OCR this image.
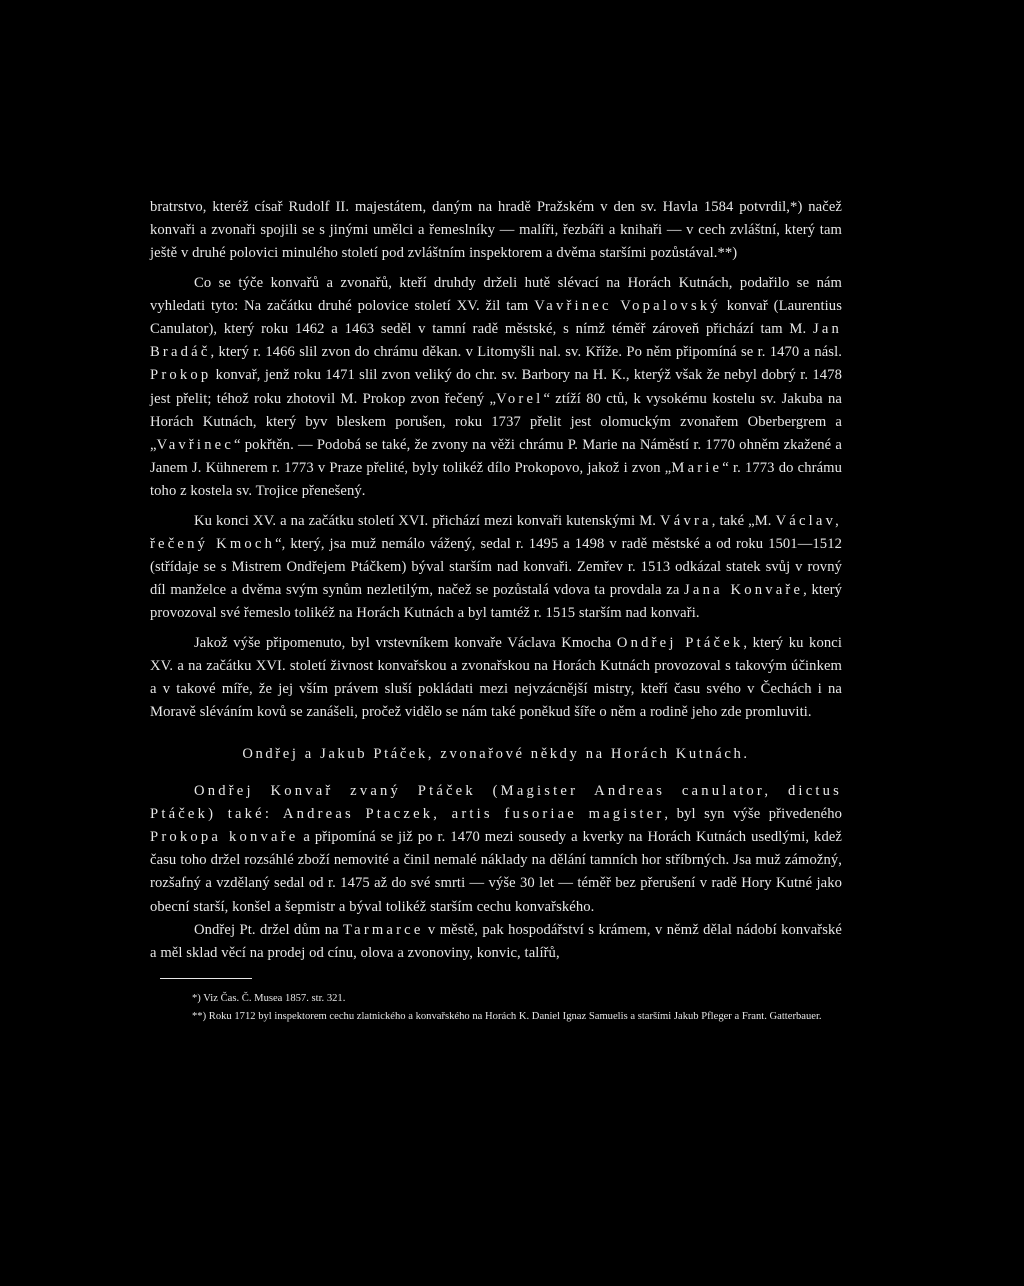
bratrstvo, kteréž císař Rudolf II. majestátem, daným na hradě Pražském v den sv. Havla 1584 potvrdil,*) načež konvaři a zvonaři spojili se s jinými umělci a řemeslníky — malíři, řezbáři a knihaři — v cech zvláštní, který tam ještě v druhé polovici minulého století pod zvláštním inspektorem a dvěma staršími pozůstával.**)

Co se týče konvařů a zvonařů, kteří druhdy drželi hutě slévací na Horách Kutnách, podařilo se nám vyhledati tyto: Na začátku druhé polovice století XV. žil tam Vavřinec Vopalovský konvař (Laurentius Canulator), který roku 1462 a 1463 seděl v tamní radě městské, s nímž téměř zároveň přichází tam M. Jan Bradáč, který r. 1466 slil zvon do chrámu děkan. v Litomyšli nal. sv. Kříže. Po něm připomíná se r. 1470 a násl. Prokop konvař, jenž roku 1471 slil zvon veliký do chr. sv. Barbory na H. K., kterýž však že nebyl dobrý r. 1478 jest přelit; téhož roku zhotovil M. Prokop zvon řečený „Vorel“ ztíží 80 ctů, k vysokému kostelu sv. Jakuba na Horách Kutnách, který byv bleskem porušen, roku 1737 přelit jest olomuckým zvonařem Oberbergrem a „Vavřinec“ pokřtěn. — Podobá se také, že zvony na věži chrámu P. Marie na Náměstí r. 1770 ohněm zkažené a Janem J. Kühnerem r. 1773 v Praze přelité, byly tolikéž dílo Prokopovo, jakož i zvon „Marie“ r. 1773 do chrámu toho z kostela sv. Trojice přenešený.

Ku konci XV. a na začátku století XVI. přichází mezi konvaři kutenskými M. Vávra, také „M. Václav, řečený Kmoch“, který, jsa muž nemálo vážený, sedal r. 1495 a 1498 v radě městské a od roku 1501—1512 (střídaje se s Mistrem Ondřejem Ptáčkem) býval starším nad konvaři. Zemřev r. 1513 odkázal statek svůj v rovný díl manželce a dvěma svým synům nezletilým, načež se pozůstalá vdova ta provdala za Jana Konvaře, který provozoval své řemeslo tolikéž na Horách Kutnách a byl tamtéž r. 1515 starším nad konvaři.

Jakož výše připomenuto, byl vrstevníkem konvaře Václava Kmocha Ondřej Ptáček, který ku konci XV. a na začátku XVI. století živnost konvařskou a zvonařskou na Horách Kutnách provozoval s takovým účinkem a v takové míře, že jej vším právem sluší pokládati mezi nejvzácnější mistry, kteří času svého v Čechách i na Moravě sléváním kovů se zanášeli, pročež vidělo se nám také poněkud šíře o něm a rodině jeho zde promluviti.

Ondřej a Jakub Ptáček, zvonařové někdy na Horách Kutnách.

Ondřej Konvař zvaný Ptáček (Magister Andreas canulator, dictus Ptáček) také: Andreas Ptaczek, artis fusoriae magister, byl syn výše přivedeného Prokopa konvaře a připomíná se již po r. 1470 mezi sousedy a kverky na Horách Kutnách usedlými, kdež času toho držel rozsáhlé zboží nemovité a činil nemalé náklady na dělání tamních hor stříbrných. Jsa muž zámožný, rozšafný a vzdělaný sedal od r. 1475 až do své smrti — výše 30 let — téměř bez přerušení v radě Hory Kutné jako obecní starší, konšel a šepmistr a býval tolikéž starším cechu konvařského.

Ondřej Pt. držel dům na Tarmarce v městě, pak hospodářství s krámem, v němž dělal nádobí konvařské a měl sklad věcí na prodej od cínu, olova a zvonoviny, konvic, talířů,

*) Viz Čas. Č. Musea 1857. str. 321.

**) Roku 1712 byl inspektorem cechu zlatnického a konvařského na Horách K. Daniel Ignaz Samuelis a staršími Jakub Pfleger a Frant. Gatterbauer.
